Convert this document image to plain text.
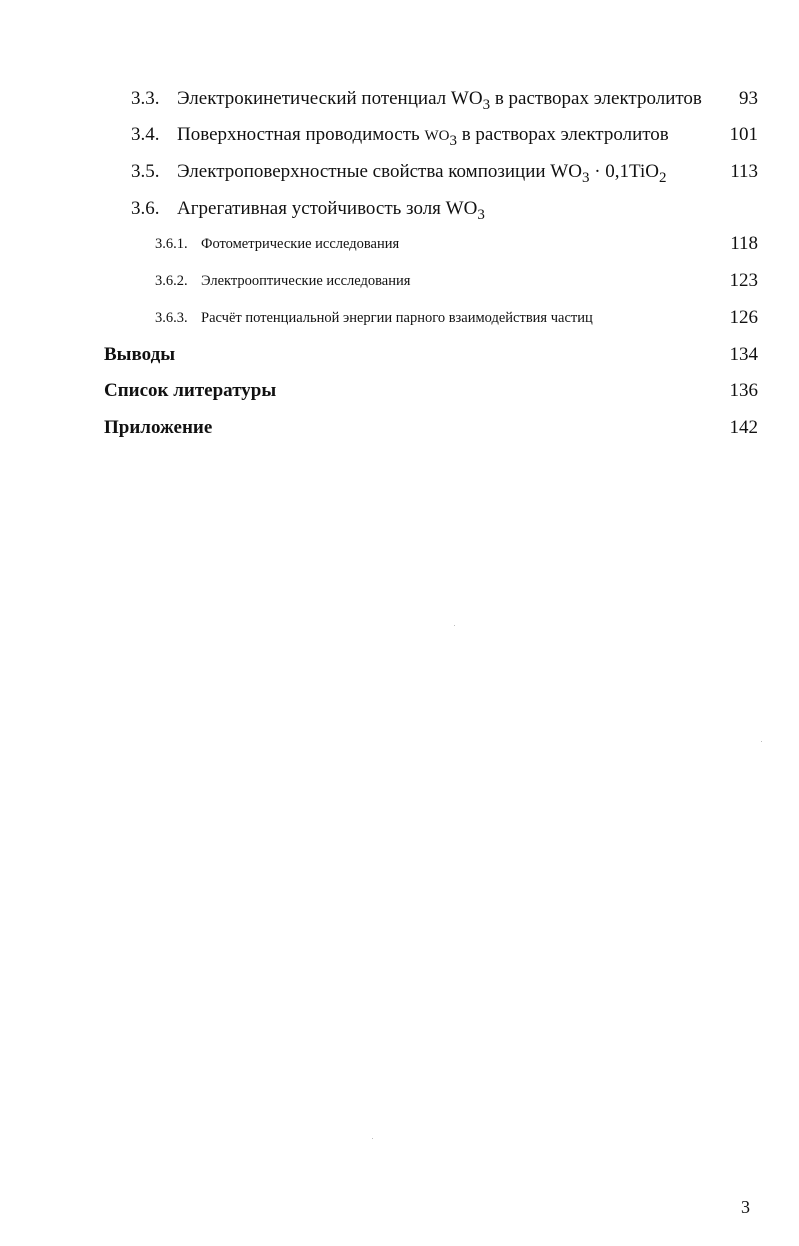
3.3. Электрокинетический потенциал $WO_3$ в растворах электролитов 93
3.4. Поверхностная проводимость $WO_3$ в растворах электролитов	101
3.5. Электроповерхностные свойства композиции $WO_3 \cdot 0,1TiO_2$	113
3.6. Агрегативная устойчивость золя $WO_3$
3.6.1. Фотометрические исследования	118
3.6.2. Электрооптические исследования	123
3.6.3. Расчёт потенциальной энергии парного взаимодействия частиц	126
Выводы	134
Список литературы	136
Приложение	142
3
